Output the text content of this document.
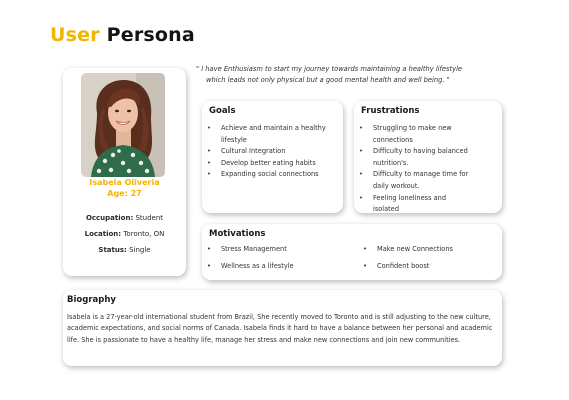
User Persona
Isabela Oliveria
Age: 27
Occupation: Student
Location: Toronto, ON
Status: Single
" I have Enthusiasm to start my journey towards maintaining a healthy lifestyle
which leads not only physical but a good mental health and well being. "
Goals
• Achieve and maintain a healthy lifestyle
• Cultural Integration
• Develop better eating habits
• Expanding social connections
Frustrations
• Struggling to make new connections
• Difficulty to having balanced nutrition's.
• Difficulty to manage time for daily workout.
• Feeling loneliness and isolated
Motivations
• Stress Management	• Make new Connections
• Wellness as a lifestyle	• Confident boost
Biography
Isabela is a 27-year-old international student from Brazil, She recently moved to Toronto and is still adjusting to the new culture, academic expectations, and social norms of Canada. Isabela finds it hard to have a balance between her personal and academic life. She is passionate to have a healthy life, manage her stress and make new connections and join new communities.
